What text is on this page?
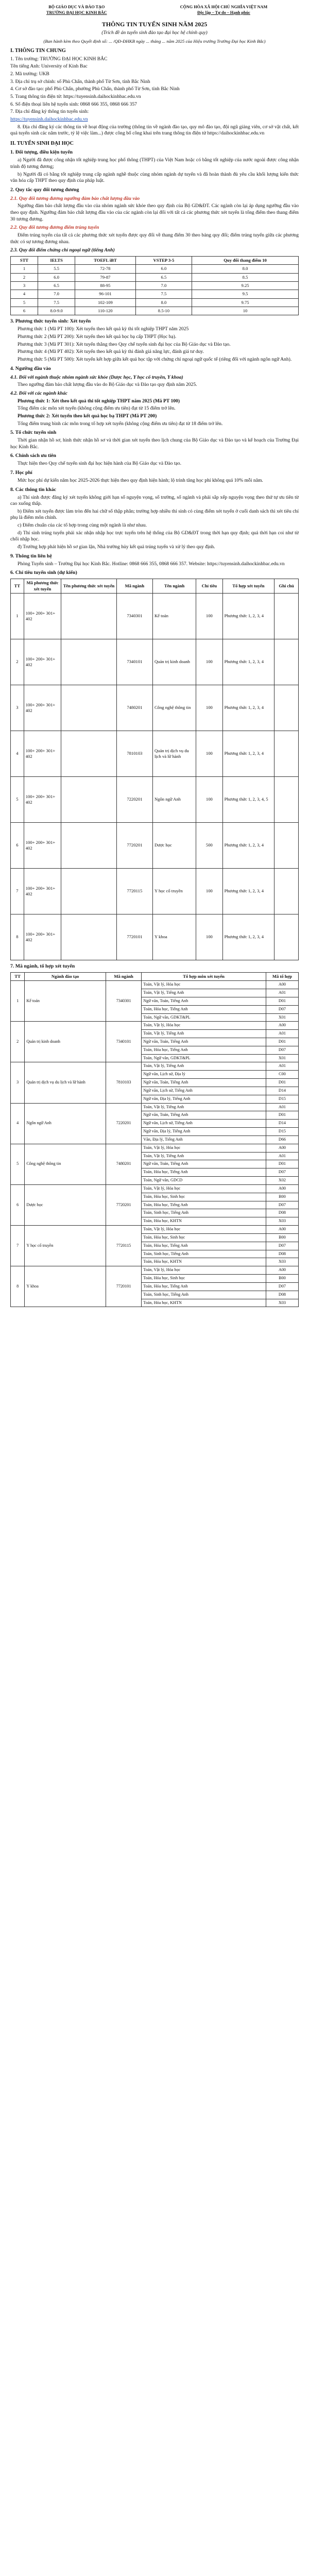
BỘ GIÁO DỤC VÀ ĐÀO TẠO
TRƯỜNG ĐẠI HỌC KINH BẮC
CỘNG HÒA XÃ HỘI CHỦ NGHĨA VIỆT NAM
Độc lập – Tự do – Hạnh phúc
THÔNG TIN TUYỂN SINH NĂM 2025
(Trích đề án tuyển sinh đào tạo đại học hệ chính quy)
(Ban hành kèm theo Quyết định số: ... /QĐ-ĐHKB ngày ... tháng ... năm 2025 của Hiệu trưởng Trường Đại học Kinh Bắc)
I. THÔNG TIN CHUNG

1. Tên trường: TRƯỜNG ĐẠI HỌC KINH BẮC

Tên tiếng Anh: University of Kinh Bac

2. Mã trường: UKB

3. Địa chỉ trụ sở chính: số Phù Chẩn, thành phố Từ Sơn, tỉnh Bắc Ninh

4. Cơ sở đào tạo: phố Phù Chẩn, phường Phù Chẩn, thành phố Từ Sơn, tỉnh Bắc Ninh

5. Trang thông tin điện tử: https://tuyensinh.daihockinhbac.edu.vn

6. Số điện thoại liên hệ tuyển sinh: 0868 666 355, 0868 666 357

7. Địa chỉ đăng ký thông tin tuyển sinh:

https://tuyensinh.daihockinhbac.edu.vn

8. Địa chỉ đăng ký các thông tin về hoạt động của trường (thông tin về ngành đào tạo, quy mô đào tạo, đội ngũ giảng viên, cơ sở vật chất, kết quả tuyển sinh các năm trước, tỷ lệ việc làm...) được công bố công khai trên trang thông tin điện tử https://daihockinhbac.edu.vn

II. TUYỂN SINH ĐẠI HỌC
1. Đối tượng, điều kiện tuyển

a) Người đã được công nhận tốt nghiệp trung học phổ thông (THPT) của Việt Nam hoặc có bằng tốt nghiệp của nước ngoài được công nhận trình độ tương đương;

b) Người đã có bằng tốt nghiệp trung cấp ngành nghề thuộc cùng nhóm ngành dự tuyển và đã hoàn thành đủ yêu cầu khối lượng kiến thức văn hóa cấp THPT theo quy định của pháp luật.

2. Quy tắc quy đổi tương đương
2.1. Quy đổi tương đương ngưỡng đảm bảo chất lượng đầu vào

Ngưỡng đảm bảo chất lượng đầu vào của nhóm ngành sức khỏe theo quy định của Bộ GD&ĐT. Các ngành còn lại áp dụng ngưỡng đầu vào theo quy định. Ngưỡng đảm bảo chất lượng đầu vào của các ngành còn lại đối với tất cả các phương thức xét tuyển là tổng điểm theo thang điểm 30 tương đương.

2.2. Quy đổi tương đương điểm trúng tuyển

Điểm trúng tuyển của tất cả các phương thức xét tuyển được quy đổi về thang điểm 30 theo bảng quy đổi; điểm trúng tuyển giữa các phương thức có sự tương đương nhau.

2.3. Quy đổi điểm chứng chỉ ngoại ngữ (tiếng Anh)
STT	IELTS	TOEFL iBT	VSTEP 3-5	Quy đổi thang điểm 10
1	5.5	72-78	6.0	8.0
2	6.0	79-87	6.5	8.5
3	6.5	88-95	7.0	9.25
4	7.0	96-101	7.5	9.5
5	7.5	102-109	8.0	9.75
6	8.0-9.0	110-120	8.5-10	10
3. Phương thức tuyển sinh: Xét tuyển

Phương thức 1 (Mã PT 100): Xét tuyển theo kết quả kỳ thi tốt nghiệp THPT năm 2025

Phương thức 2 (Mã PT 200): Xét tuyển theo kết quả học bạ cấp THPT (Học bạ).

Phương thức 3 (Mã PT 301): Xét tuyển thẳng theo Quy chế tuyển sinh đại học của Bộ Giáo dục và Đào tạo.

Phương thức 4 (Mã PT 402): Xét tuyển theo kết quả kỳ thi đánh giá năng lực, đánh giá tư duy.

Phương thức 5 (Mã PT 500): Xét tuyển kết hợp giữa kết quả học tập với chứng chỉ ngoại ngữ quốc tế (riêng đối với ngành ngôn ngữ Anh).

4. Ngưỡng đầu vào
4.1. Đối với ngành thuộc nhóm ngành sức khỏe (Dược học, Y học cổ truyền, Y khoa)

Theo ngưỡng đảm bảo chất lượng đầu vào do Bộ Giáo dục và Đào tạo quy định năm 2025.

4.2. Đối với các ngành khác

Phương thức 1: Xét theo kết quả thi tốt nghiệp THPT năm 2025 (Mã PT 100)

Tổng điểm các môn xét tuyển (không cộng điểm ưu tiên) đạt từ 15 điểm trở lên.

Phương thức 2: Xét tuyển theo kết quả học bạ THPT (Mã PT 200)

Tổng điểm trung bình các môn trong tổ hợp xét tuyển (không cộng điểm ưu tiên) đạt từ 18 điểm trở lên.

5. Tổ chức tuyển sinh

Thời gian nhận hồ sơ, hình thức nhận hồ sơ và thời gian xét tuyển theo lịch chung của Bộ Giáo dục và Đào tạo và kế hoạch của Trường Đại học Kinh Bắc.

6. Chính sách ưu tiên

Thực hiện theo Quy chế tuyển sinh đại học hiện hành của Bộ Giáo dục và Đào tạo.

7. Học phí

Mức học phí dự kiến năm học 2025-2026 thực hiện theo quy định hiện hành; lộ trình tăng học phí không quá 10% mỗi năm.

8. Các thông tin khác

a) Thí sinh được đăng ký xét tuyển không giới hạn số nguyện vọng, số trường, số ngành và phải sắp xếp nguyện vọng theo thứ tự ưu tiên từ cao xuống thấp.

b) Điểm xét tuyển được làm tròn đến hai chữ số thập phân; trường hợp nhiều thí sinh có cùng điểm xét tuyển ở cuối danh sách thì xét tiêu chí phụ là điểm môn chính.

c) Điểm chuẩn của các tổ hợp trong cùng một ngành là như nhau.

d) Thí sinh trúng tuyển phải xác nhận nhập học trực tuyến trên hệ thống của Bộ GD&ĐT trong thời hạn quy định; quá thời hạn coi như từ chối nhập học.

đ) Trường hợp phát hiện hồ sơ gian lận, Nhà trường hủy kết quả trúng tuyển và xử lý theo quy định.

9. Thông tin liên hệ

Phòng Tuyển sinh – Trường Đại học Kinh Bắc. Hotline: 0868 666 355, 0868 666 357. Website: https://tuyensinh.daihockinhbac.edu.vn

6. Chỉ tiêu tuyển sinh (dự kiến)
TT	Mã phương thức xét tuyển	Tên phương thức xét tuyển	Mã ngành	Tên ngành	Chỉ tiêu	Tổ hợp xét tuyển	Ghi chú
1	100+ 200+ 301+ 402		7340301	Kế toán	100	Phương thức 1, 2, 3, 4	
2	100+ 200+ 301+ 402		7340101	Quản trị kinh doanh	100	Phương thức 1, 2, 3, 4	
3	100+ 200+ 301+ 402		7480201	Công nghệ thông tin	100	Phương thức 1, 2, 3, 4	
4	100+ 200+ 301+ 402		7810103	Quản trị dịch vụ du lịch và lữ hành	100	Phương thức 1, 2, 3, 4	
5	100+ 200+ 301+ 402		7220201	Ngôn ngữ Anh	100	Phương thức 1, 2, 3, 4, 5	
6	100+ 200+ 301+ 402		7720201	Dược học	500	Phương thức 1, 2, 3, 4	
7	100+ 200+ 301+ 402		7720115	Y học cổ truyền	100	Phương thức 1, 2, 3, 4	
8	100+ 200+ 301+ 402		7720101	Y khoa	100	Phương thức 1, 2, 3, 4	
7. Mã ngành, tổ hợp xét tuyển
TT	Ngành đào tạo	Mã ngành	Tổ hợp môn xét tuyển	Mã tổ hợp
1	Kế toán	7340301	Toán, Vật lý, Hóa học	A00
			Toán, Vật lý, Tiếng Anh	A01
			Ngữ văn, Toán, Tiếng Anh	D01
			Toán, Hóa học, Tiếng Anh	D07
			Toán, Ngữ văn, GDKT&PL	X01
2	Quản trị kinh doanh	7340101	Toán, Vật lý, Hóa học	A00
			Toán, Vật lý, Tiếng Anh	A01
			Ngữ văn, Toán, Tiếng Anh	D01
			Toán, Hóa học, Tiếng Anh	D07
			Toán, Ngữ văn, GDKT&PL	X01
3	Quản trị dịch vụ du lịch và lữ hành	7810103	Toán, Vật lý, Tiếng Anh	A01
			Ngữ văn, Lịch sử, Địa lý	C00
			Ngữ văn, Toán, Tiếng Anh	D01
			Ngữ văn, Lịch sử, Tiếng Anh	D14
			Ngữ văn, Địa lý, Tiếng Anh	D15
4	Ngôn ngữ Anh	7220201	Toán, Vật lý, Tiếng Anh	A01
			Ngữ văn, Toán, Tiếng Anh	D01
			Ngữ văn, Lịch sử, Tiếng Anh	D14
			Ngữ văn, Địa lý, Tiếng Anh	D15
			Văn, Địa lý, Tiếng Anh	D66
5	Công nghệ thông tin	7480201	Toán, Vật lý, Hóa học	A00
			Toán, Vật lý, Tiếng Anh	A01
			Ngữ văn, Toán, Tiếng Anh	D01
			Toán, Hóa học, Tiếng Anh	D07
			Toán, Ngữ văn, GDCD	X02
6	Dược học	7720201	Toán, Vật lý, Hóa học	A00
			Toán, Hóa học, Sinh học	B00
			Toán, Hóa học, Tiếng Anh	D07
			Toán, Sinh học, Tiếng Anh	D08
			Toán, Hóa học, KHTN	X03
7	Y học cổ truyền	7720115	Toán, Vật lý, Hóa học	A00
			Toán, Hóa học, Sinh học	B00
			Toán, Hóa học, Tiếng Anh	D07
			Toán, Sinh học, Tiếng Anh	D08
			Toán, Hóa học, KHTN	X03
8	Y khoa	7720101	Toán, Vật lý, Hóa học	A00
			Toán, Hóa học, Sinh học	B00
			Toán, Hóa học, Tiếng Anh	D07
			Toán, Sinh học, Tiếng Anh	D08
			Toán, Hóa học, KHTN	X03
